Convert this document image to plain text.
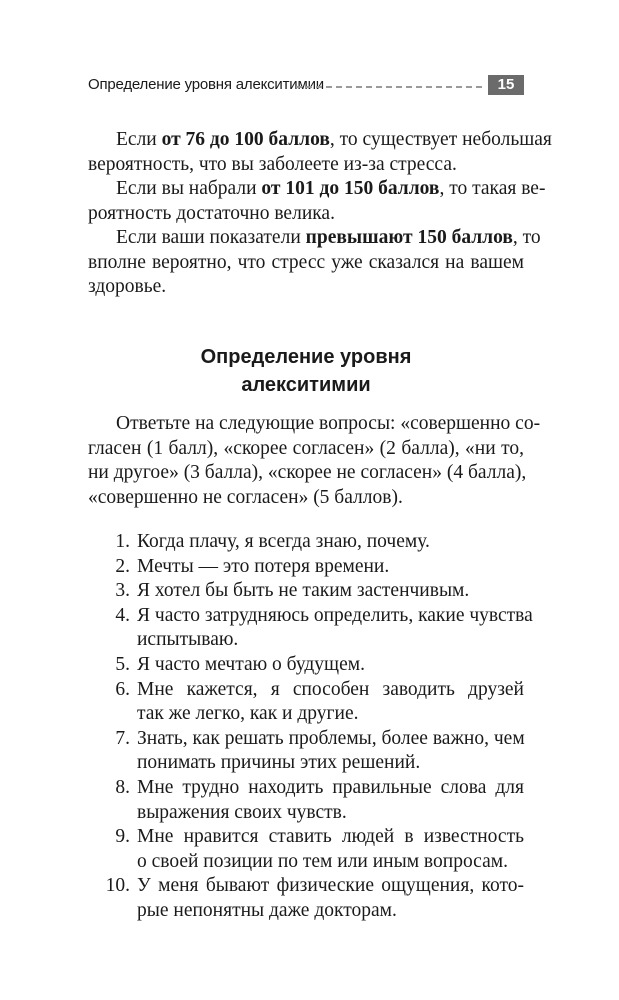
Определение уровня алекситимии	15

Если от 76 до 100 баллов, то существует небольшая
вероятность, что вы заболеете из-за стресса.

Если вы набрали от 101 до 150 баллов, то такая ве-
роятность достаточно велика.

Если ваши показатели превышают 150 баллов, то
вполне вероятно, что стресс уже сказался на вашем
здоровье.

Определение уровня
алекситимии

Ответьте на следующие вопросы: «совершенно со-
гласен (1 балл), «скорее согласен» (2 балла), «ни то,
ни другое» (3 балла), «скорее не согласен» (4 балла),
«совершенно не согласен» (5 баллов).

1. Когда плачу, я всегда знаю, почему.
2. Мечты — это потеря времени.
3. Я хотел бы быть не таким застенчивым.
4. Я часто затрудняюсь определить, какие чувства
испытываю.
5. Я часто мечтаю о будущем.
6. Мне кажется, я способен заводить друзей
так же легко, как и другие.
7. Знать, как решать проблемы, более важно, чем
понимать причины этих решений.
8. Мне трудно находить правильные слова для
выражения своих чувств.
9. Мне нравится ставить людей в известность
о своей позиции по тем или иным вопросам.
10. У меня бывают физические ощущения, кото-
рые непонятны даже докторам.
